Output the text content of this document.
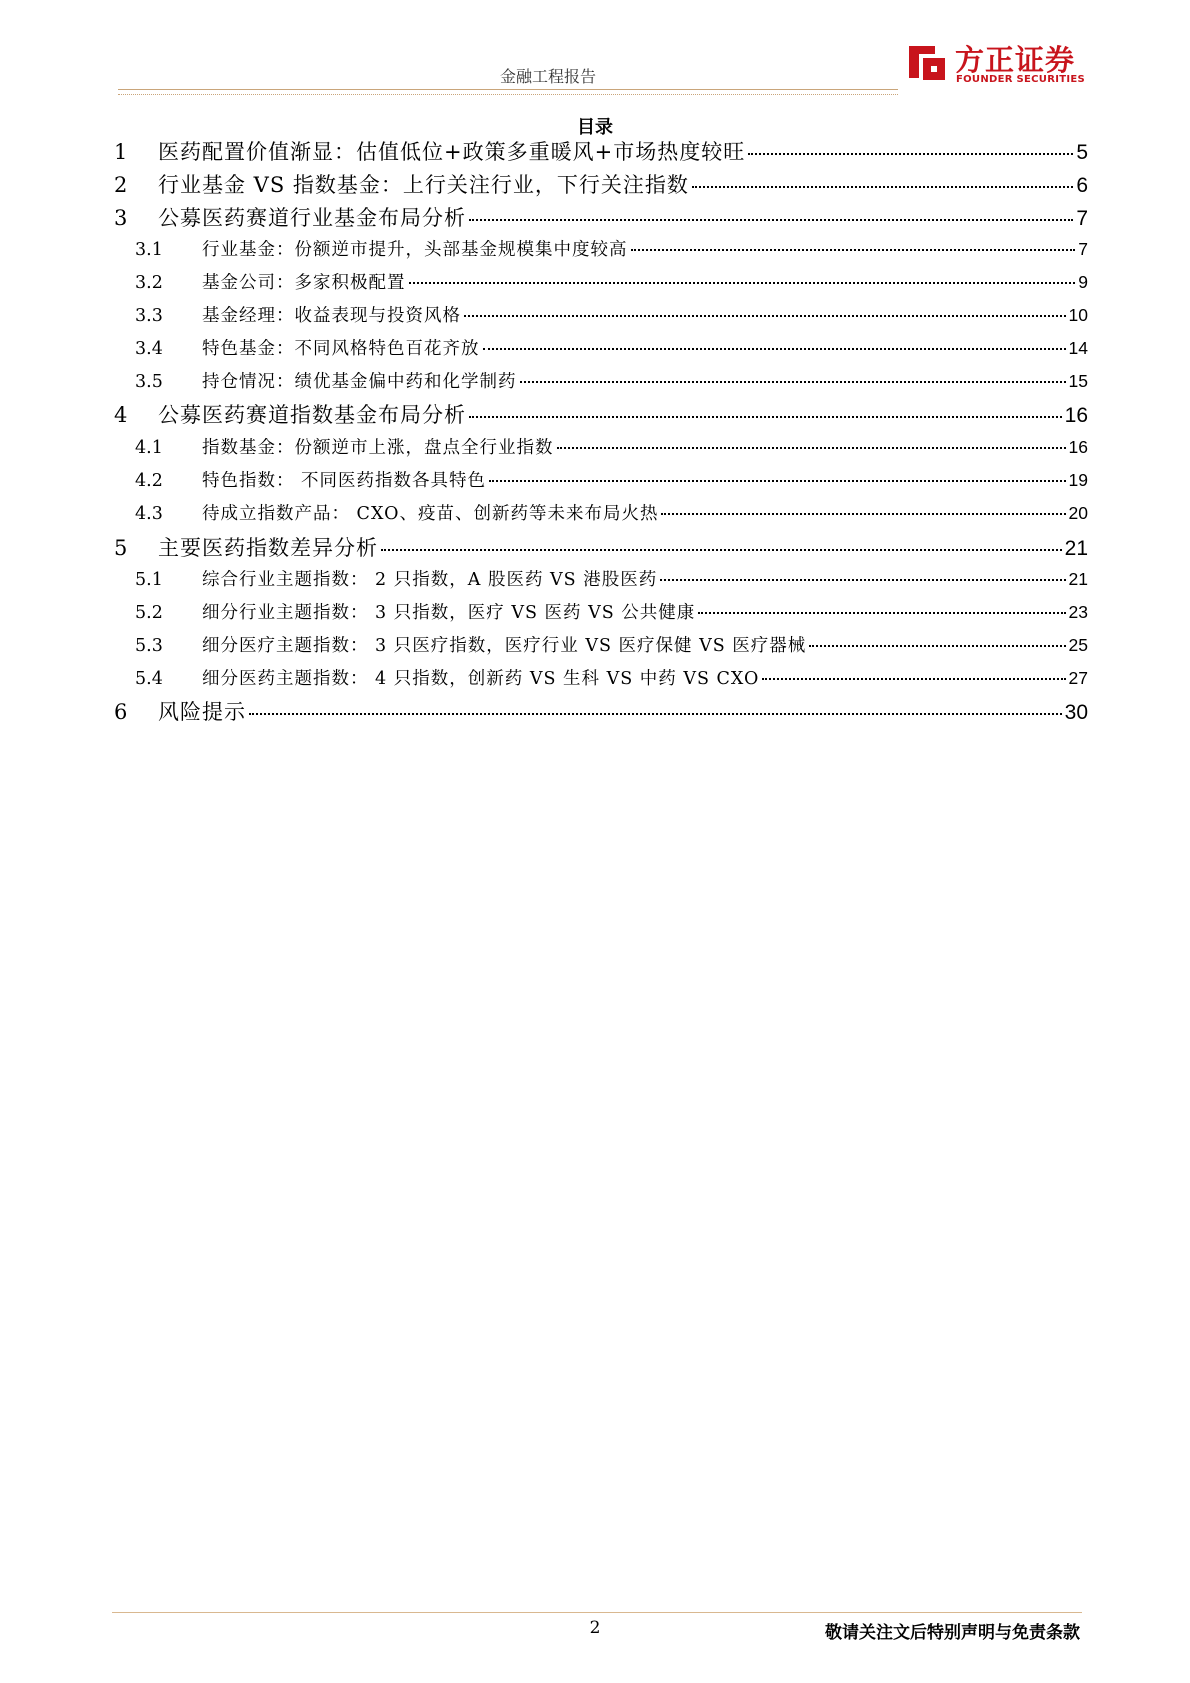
金融工程报告	方正证券
FOUNDER SECURITIES
目录
1	医药配置价值渐显：估值低位+政策多重暖风+市场热度较旺	5
2	行业基金 VS 指数基金：上行关注行业，下行关注指数	6
3	公募医药赛道行业基金布局分析	7
3.1	行业基金：份额逆市提升，头部基金规模集中度较高	7
3.2	基金公司：多家积极配置	9
3.3	基金经理：收益表现与投资风格	10
3.4	特色基金：不同风格特色百花齐放	14
3.5	持仓情况：绩优基金偏中药和化学制药	15
4	公募医药赛道指数基金布局分析	16
4.1	指数基金：份额逆市上涨，盘点全行业指数	16
4.2	特色指数： 不同医药指数各具特色	19
4.3	待成立指数产品： CXO、疫苗、创新药等未来布局火热	20
5	主要医药指数差异分析	21
5.1	综合行业主题指数： 2 只指数，A 股医药 VS 港股医药	21
5.2	细分行业主题指数： 3 只指数，医疗 VS 医药 VS 公共健康	23
5.3	细分医疗主题指数： 3 只医疗指数，医疗行业 VS 医疗保健 VS 医疗器械	25
5.4	细分医药主题指数： 4 只指数，创新药 VS 生科 VS 中药 VS CXO	27
6	风险提示	30
2	敬请关注文后特别声明与免责条款
